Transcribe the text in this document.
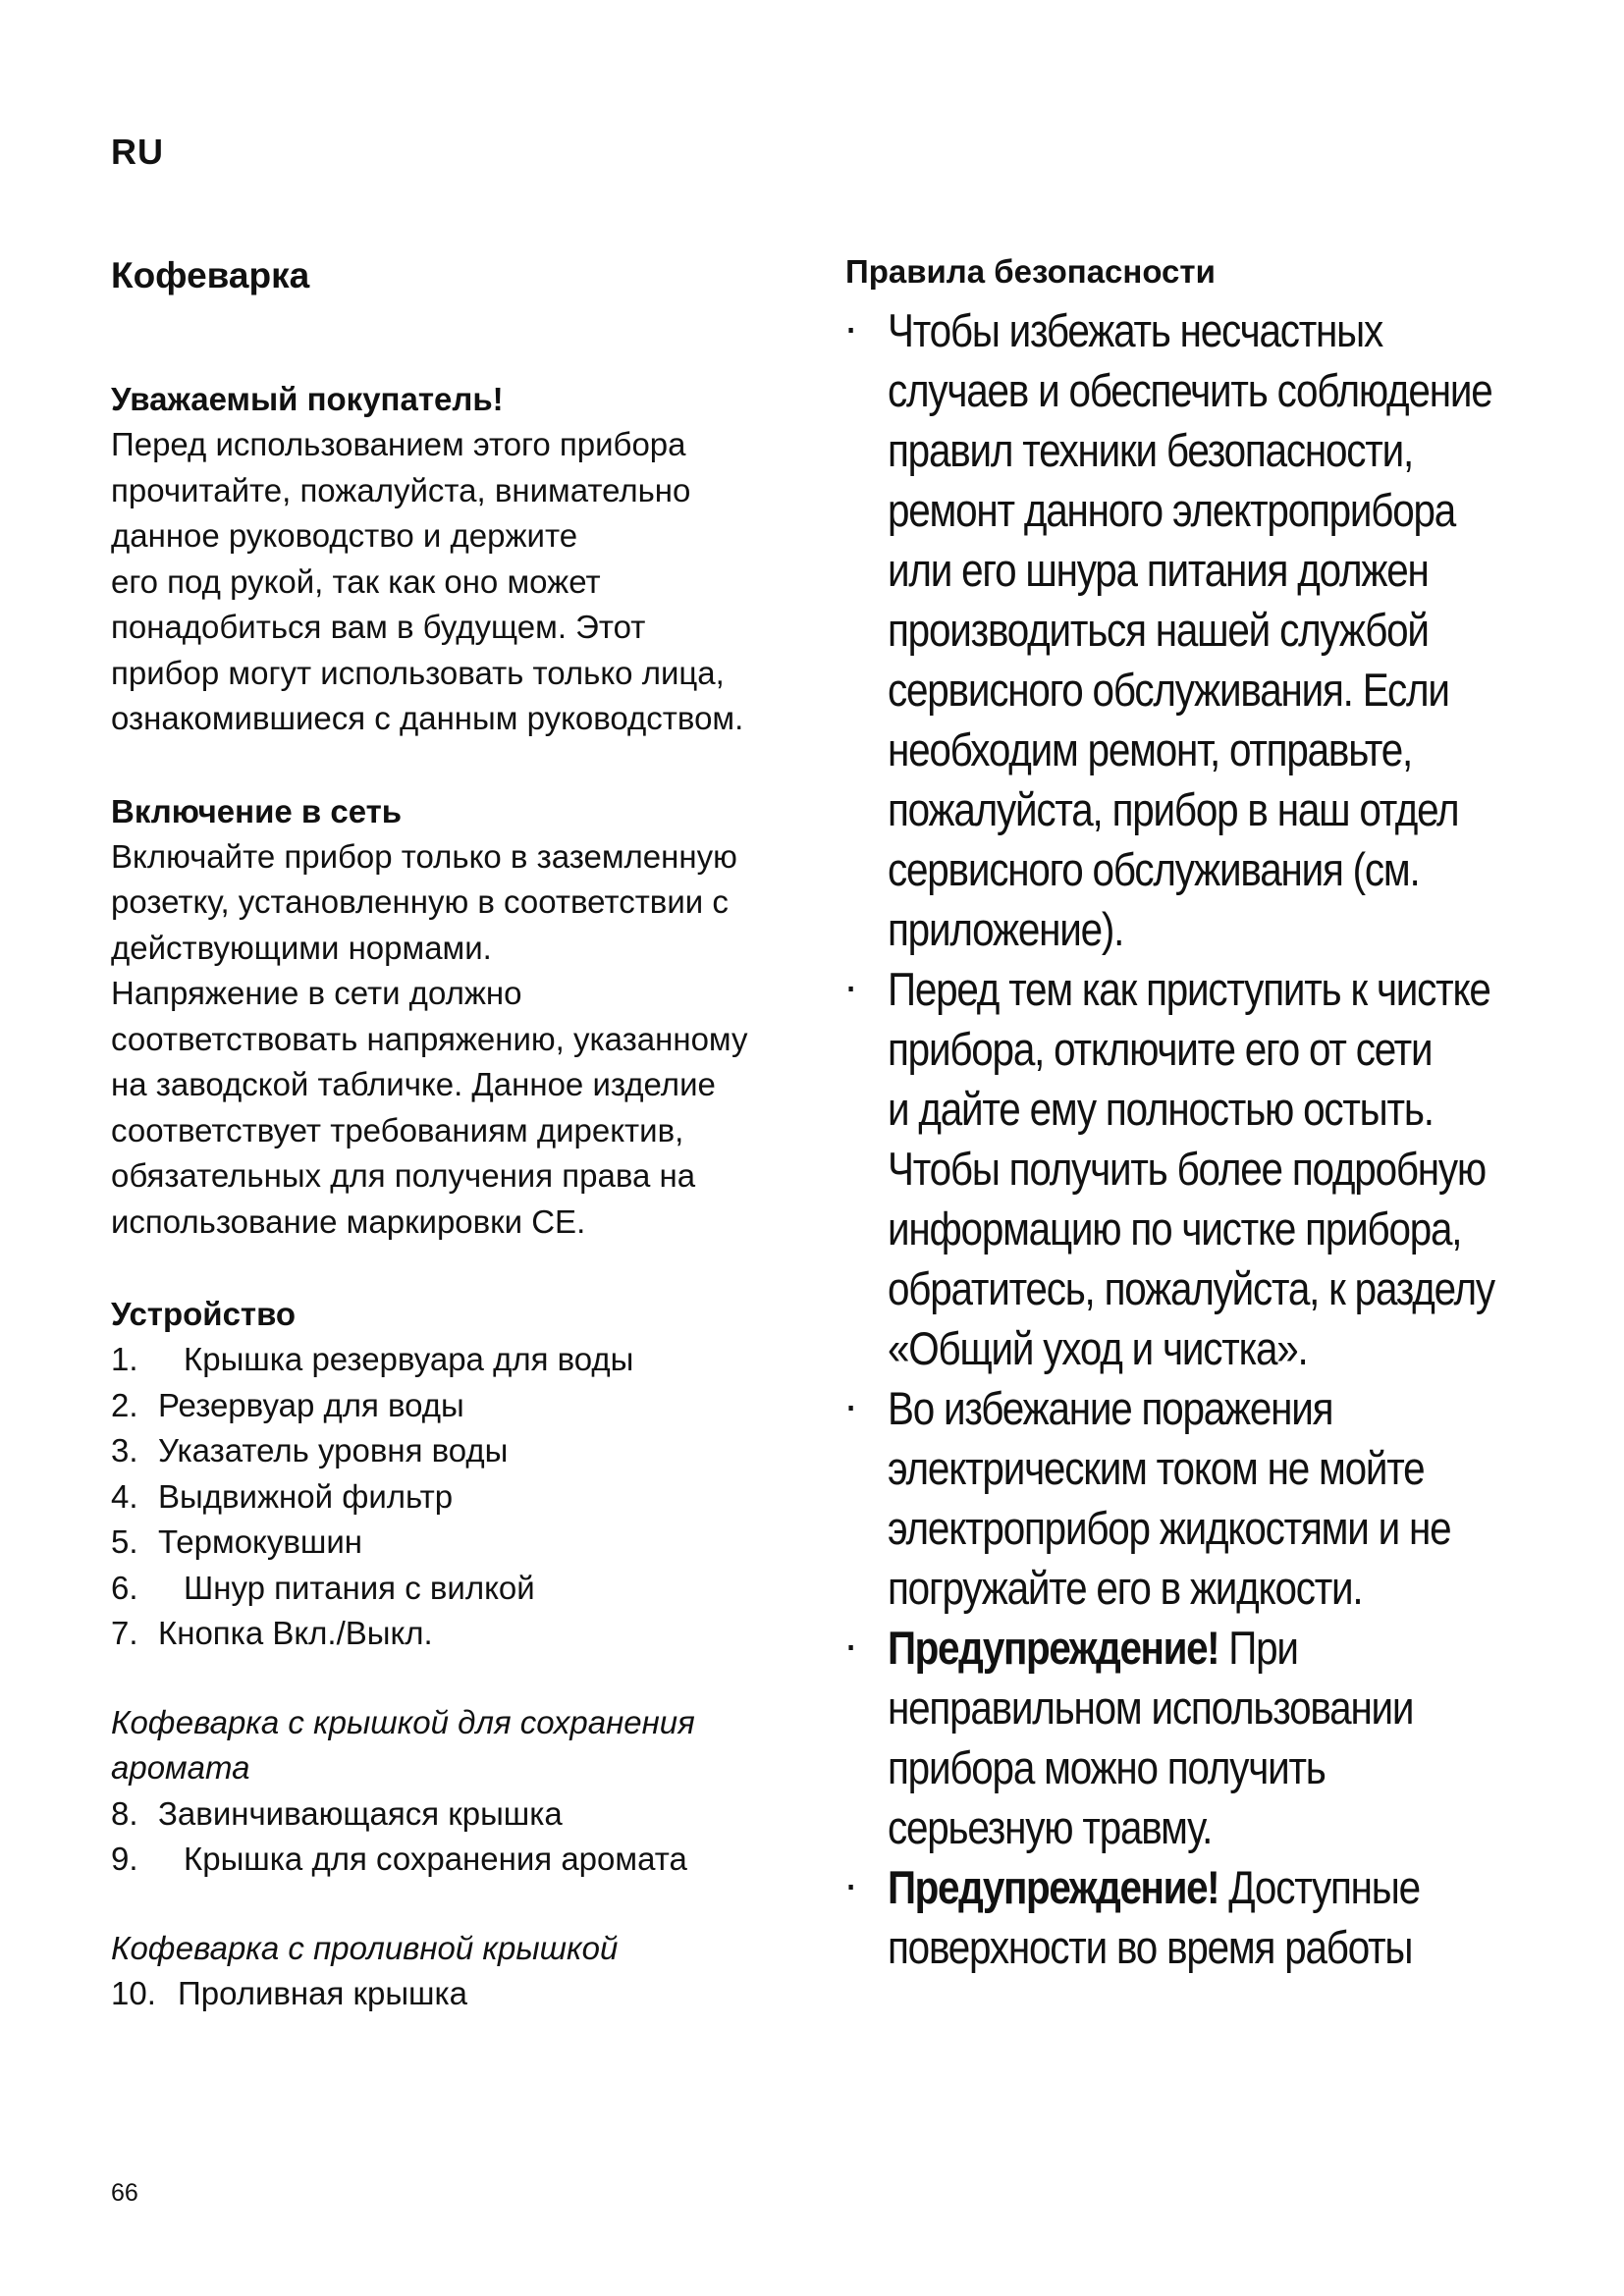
RU
Кофеварка
Уважаемый покупатель!

Перед использованием этого прибора
прочитайте, пожалуйста, внимательно
данное руководство и держите
его под рукой, так как оно может
понадобиться вам в будущем. Этот
прибор могут использовать только лица,
ознакомившиеся с данным руководством.

Включение в сеть

Включайте прибор только в заземленную
розетку, установленную в соответствии с
действующими нормами.
Напряжение в сети должно
соответствовать напряжению, указанному
на заводской табличке. Данное изделие
соответствует требованиям директив,
обязательных для получения права на
использование маркировки CE.

Устройство
1.	Крышка резервуара для воды
2. Резервуар для воды
3. Указатель уровня воды
4. Выдвижной фильтр
5. Термокувшин
6.	Шнур питания с вилкой
7. Кнопка Вкл./Выкл.

Кофеварка с крышкой для сохранения
аромата

8. Завинчивающаяся крышка
9.	Крышка для сохранения аромата

Кофеварка с проливной крышкой

10. Проливная крышка
Правила безопасности
Чтобы избежать несчастных
случаев и обеспечить соблюдение
правил техники безопасности,
ремонт данного электроприбора
или его шнура питания должен
производиться нашей службой
сервисного обслуживания. Если
необходим ремонт, отправьте,
пожалуйста, прибор в наш отдел
сервисного обслуживания (см.
приложение).
Перед тем как приступить к чистке
прибора, отключите его от сети
и дайте ему полностью остыть.
Чтобы получить более подробную
информацию по чистке прибора,
обратитесь, пожалуйста, к разделу
«Общий уход и чистка».
Во избежание поражения
электрическим током не мойте
электроприбор жидкостями и не
погружайте его в жидкости.
Предупреждение! При
неправильном использовании
прибора можно получить
серьезную травму.
Предупреждение! Доступные
поверхности во время работы
66
